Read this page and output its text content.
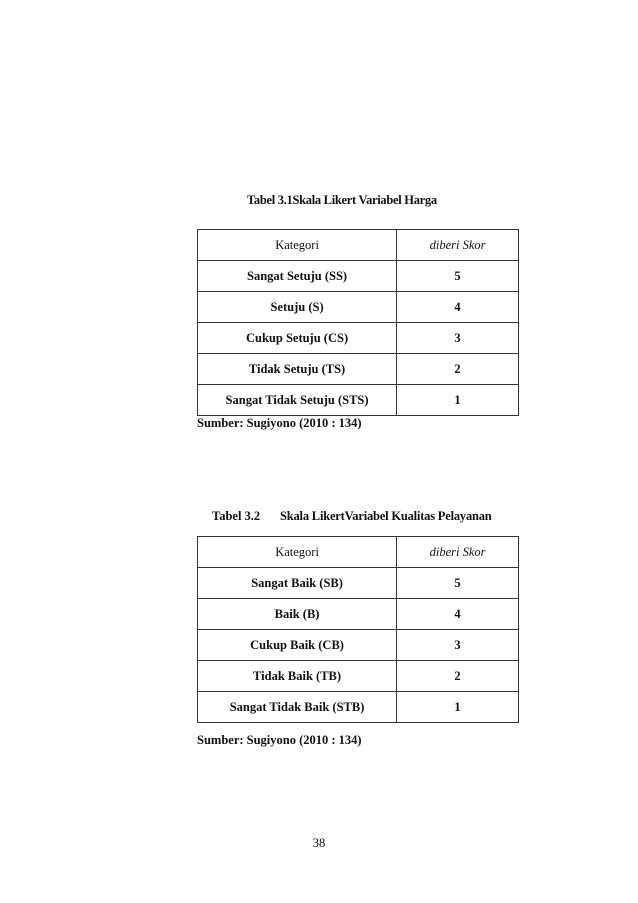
Tabel 3.1Skala Likert Variabel Harga
Kategori	diberi Skor
Sangat Setuju (SS)	5
Setuju (S)	4
Cukup Setuju (CS)	3
Tidak Setuju (TS)	2
Sangat Tidak Setuju (STS)	1
Sumber: Sugiyono (2010 : 134)
Tabel 3.2 Skala LikertVariabel Kualitas Pelayanan
Kategori	diberi Skor
Sangat Baik (SB)	5
Baik (B)	4
Cukup Baik (CB)	3
Tidak Baik (TB)	2
Sangat Tidak Baik (STB)	1
Sumber: Sugiyono (2010 : 134)
38
